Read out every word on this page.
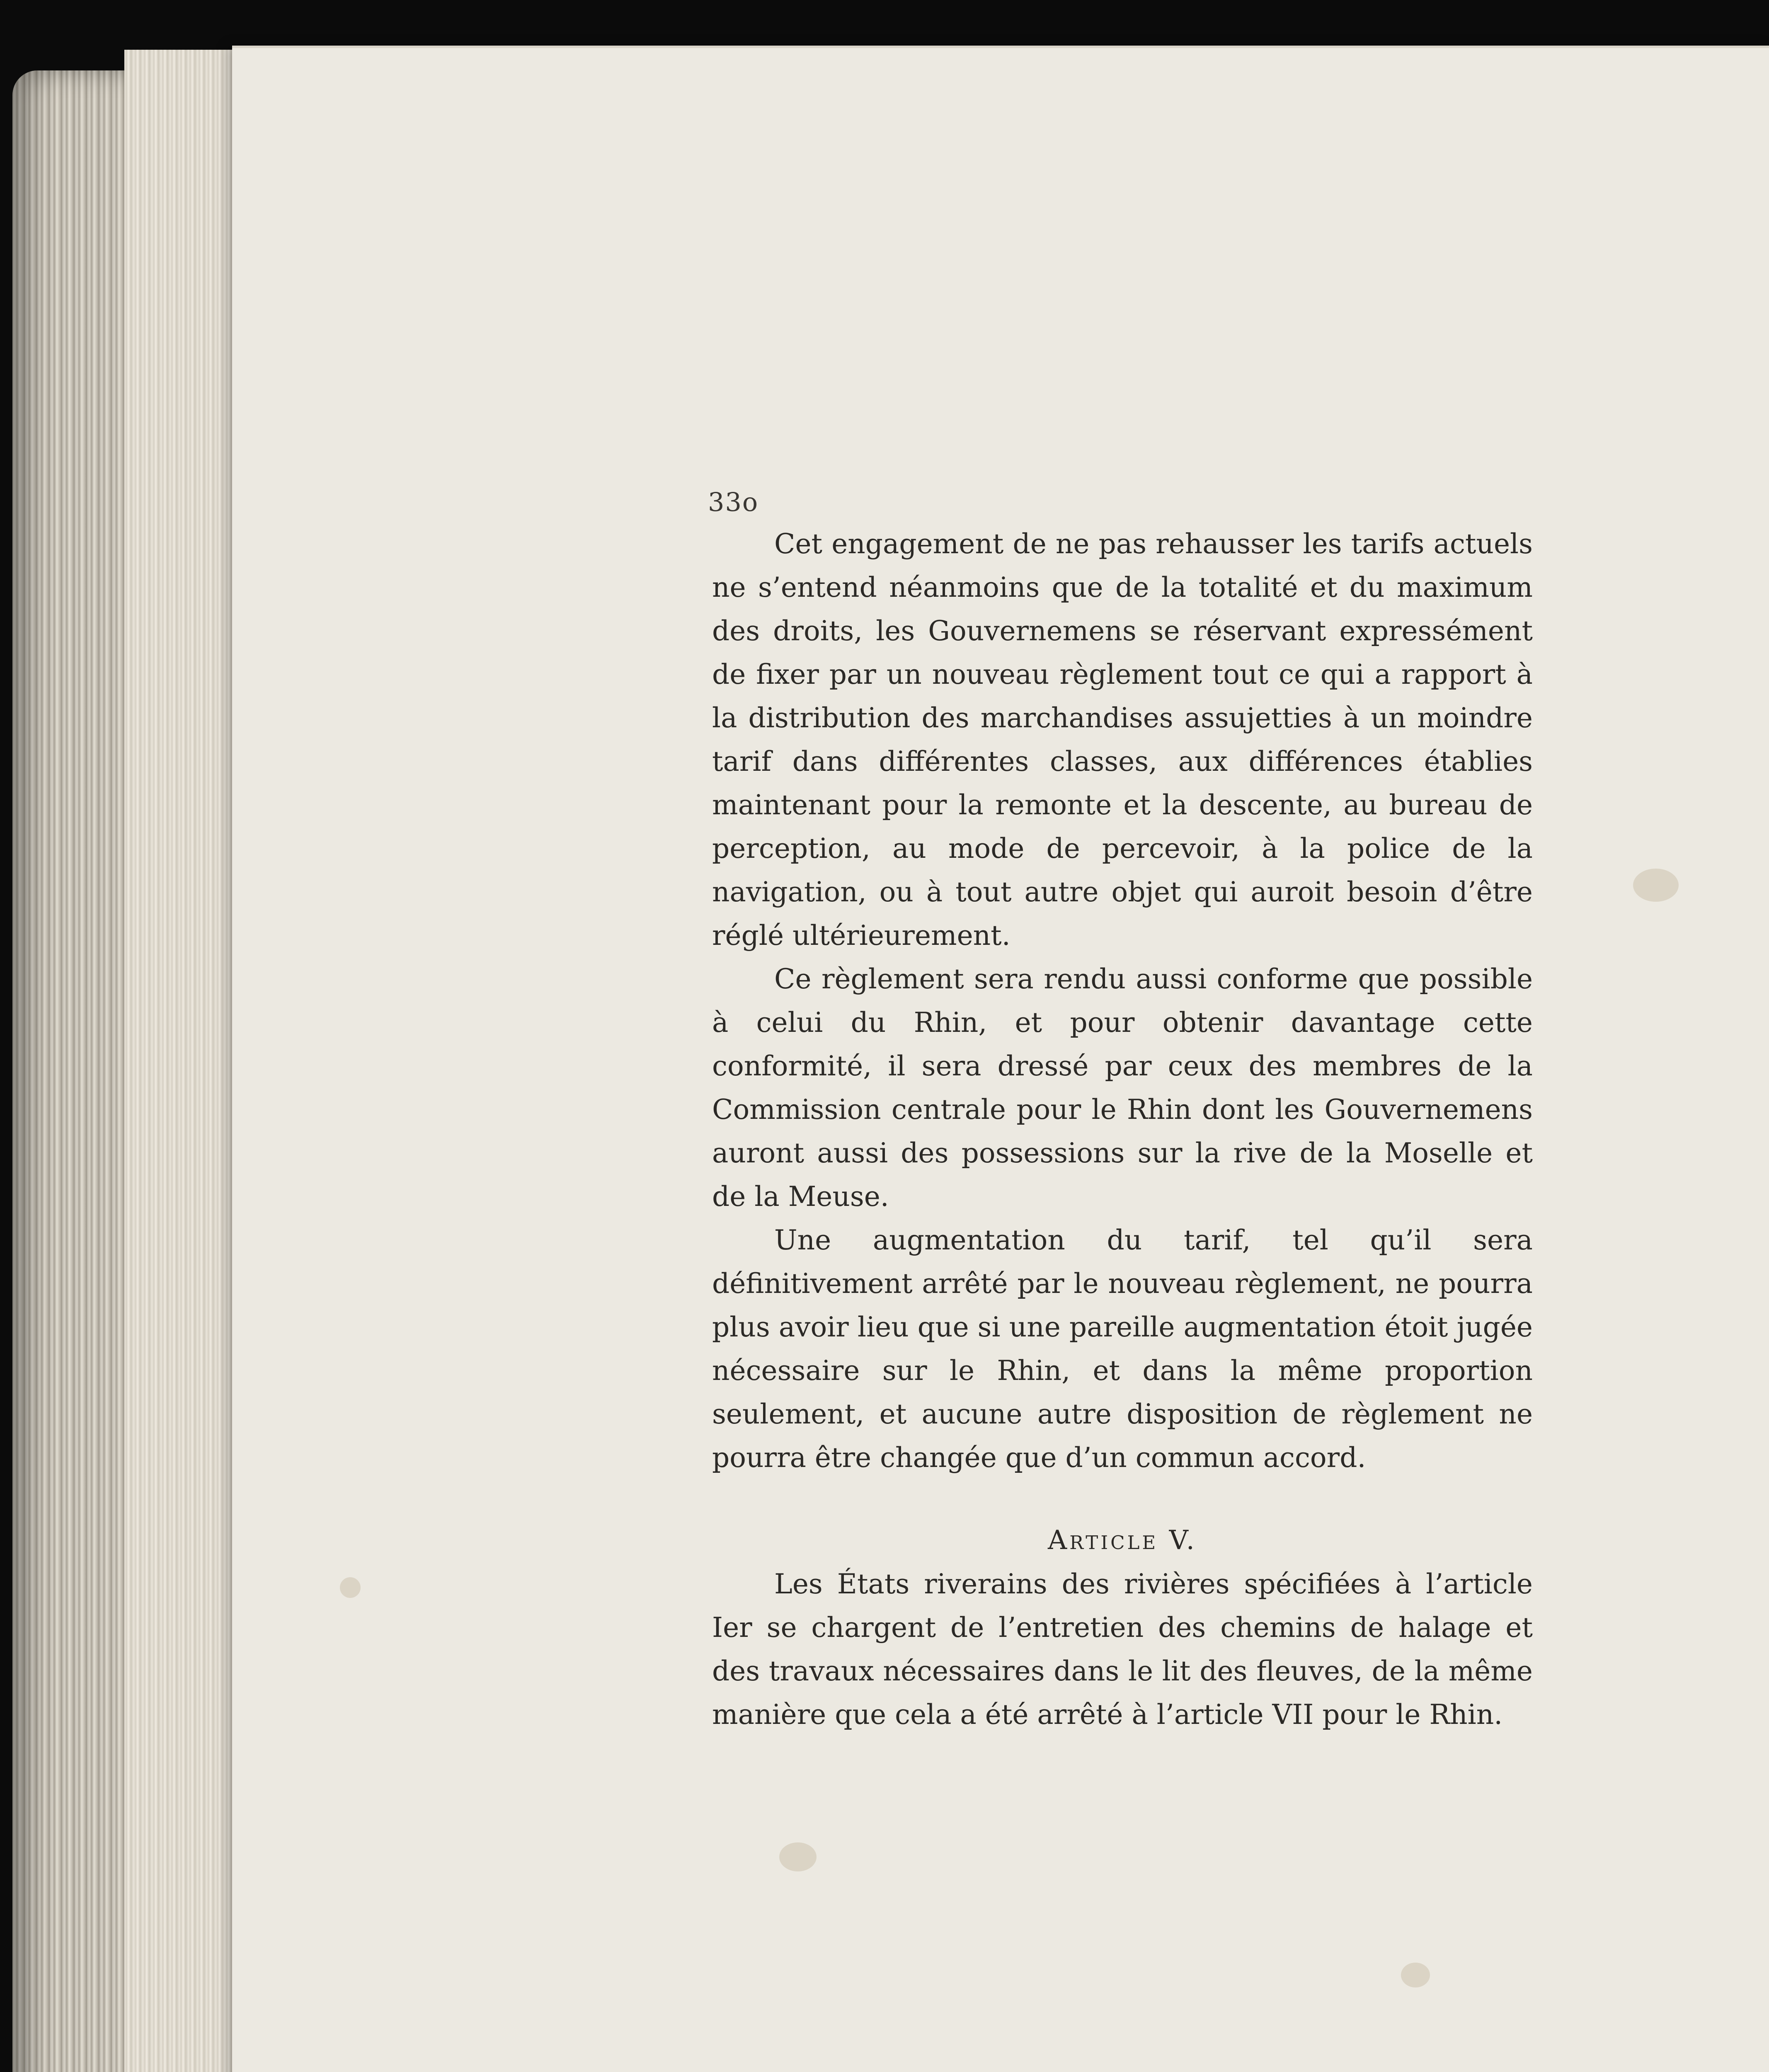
33o

Cet engagement de ne pas rehausser les tarifs actuels ne s’entend néanmoins que de la totalité et du maximum des droits, les Gouvernemens se réservant expressément de fixer par un nouveau règlement tout ce qui a rapport à la distribution des marchandises assujetties à un moindre tarif dans différentes classes, aux différences établies maintenant pour la remonte et la descente, au bureau de perception, au mode de percevoir, à la police de la navigation, ou à tout autre objet qui auroit besoin d’être réglé ultérieurement.

Ce règlement sera rendu aussi conforme que possible à celui du Rhin, et pour obtenir davantage cette conformité, il sera dressé par ceux des membres de la Commission centrale pour le Rhin dont les Gouvernemens auront aussi des possessions sur la rive de la Moselle et de la Meuse.

Une augmentation du tarif, tel qu’il sera définitivement arrêté par le nouveau règlement, ne pourra plus avoir lieu que si une pareille augmentation étoit jugée nécessaire sur le Rhin, et dans la même proportion seulement, et aucune autre disposition de règlement ne pourra être changée que d’un commun accord.

Article V.

Les États riverains des rivières spécifiées à l’article Ier se chargent de l’entretien des chemins de halage et des travaux nécessaires dans le lit des fleuves, de la même manière que cela a été arrêté à l’article VII pour le Rhin.
